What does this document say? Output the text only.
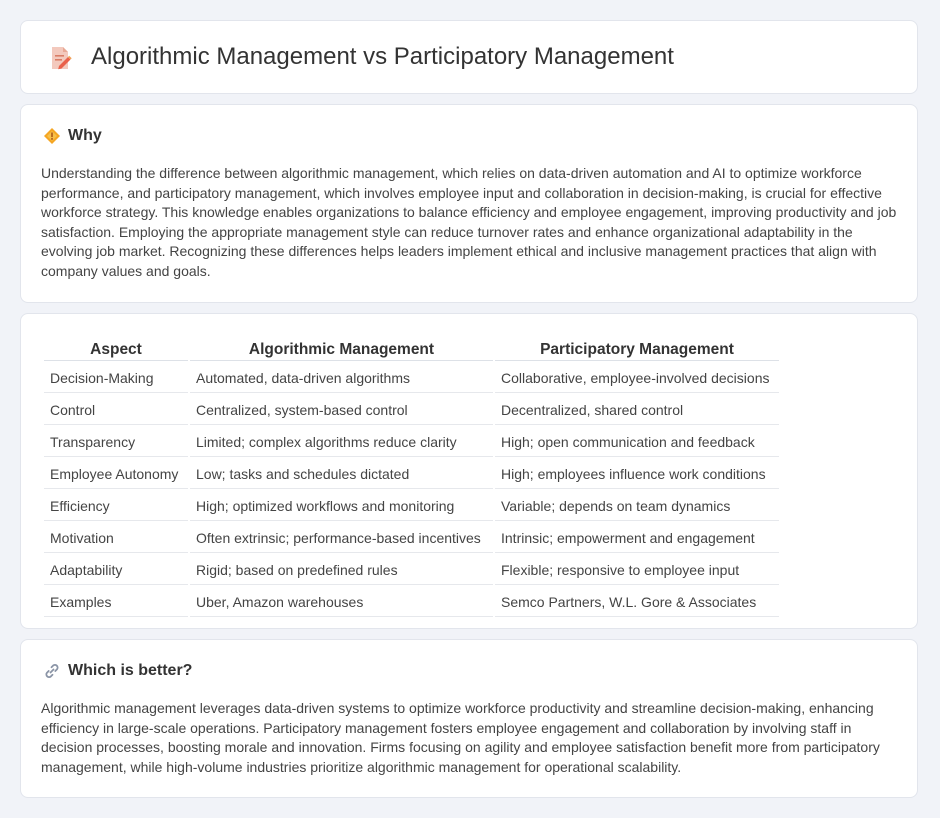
Algorithmic Management vs Participatory Management
Why

Understanding the difference between algorithmic management, which relies on data-driven automation and AI to optimize workforce performance, and participatory management, which involves employee input and collaboration in decision-making, is crucial for effective workforce strategy. This knowledge enables organizations to balance efficiency and employee engagement, improving productivity and job satisfaction. Employing the appropriate management style can reduce turnover rates and enhance organizational adaptability in the evolving job market. Recognizing these differences helps leaders implement ethical and inclusive management practices that align with company values and goals.

Aspect	Algorithmic Management	Participatory Management
Decision-Making	Automated, data-driven algorithms	Collaborative, employee-involved decisions
Control	Centralized, system-based control	Decentralized, shared control
Transparency	Limited; complex algorithms reduce clarity	High; open communication and feedback
Employee Autonomy	Low; tasks and schedules dictated	High; employees influence work conditions
Efficiency	High; optimized workflows and monitoring	Variable; depends on team dynamics
Motivation	Often extrinsic; performance-based incentives	Intrinsic; empowerment and engagement
Adaptability	Rigid; based on predefined rules	Flexible; responsive to employee input
Examples	Uber, Amazon warehouses	Semco Partners, W.L. Gore & Associates
Which is better?

Algorithmic management leverages data-driven systems to optimize workforce productivity and streamline decision-making, enhancing efficiency in large-scale operations. Participatory management fosters employee engagement and collaboration by involving staff in decision processes, boosting morale and innovation. Firms focusing on agility and employee satisfaction benefit more from participatory management, while high-volume industries prioritize algorithmic management for operational scalability.
